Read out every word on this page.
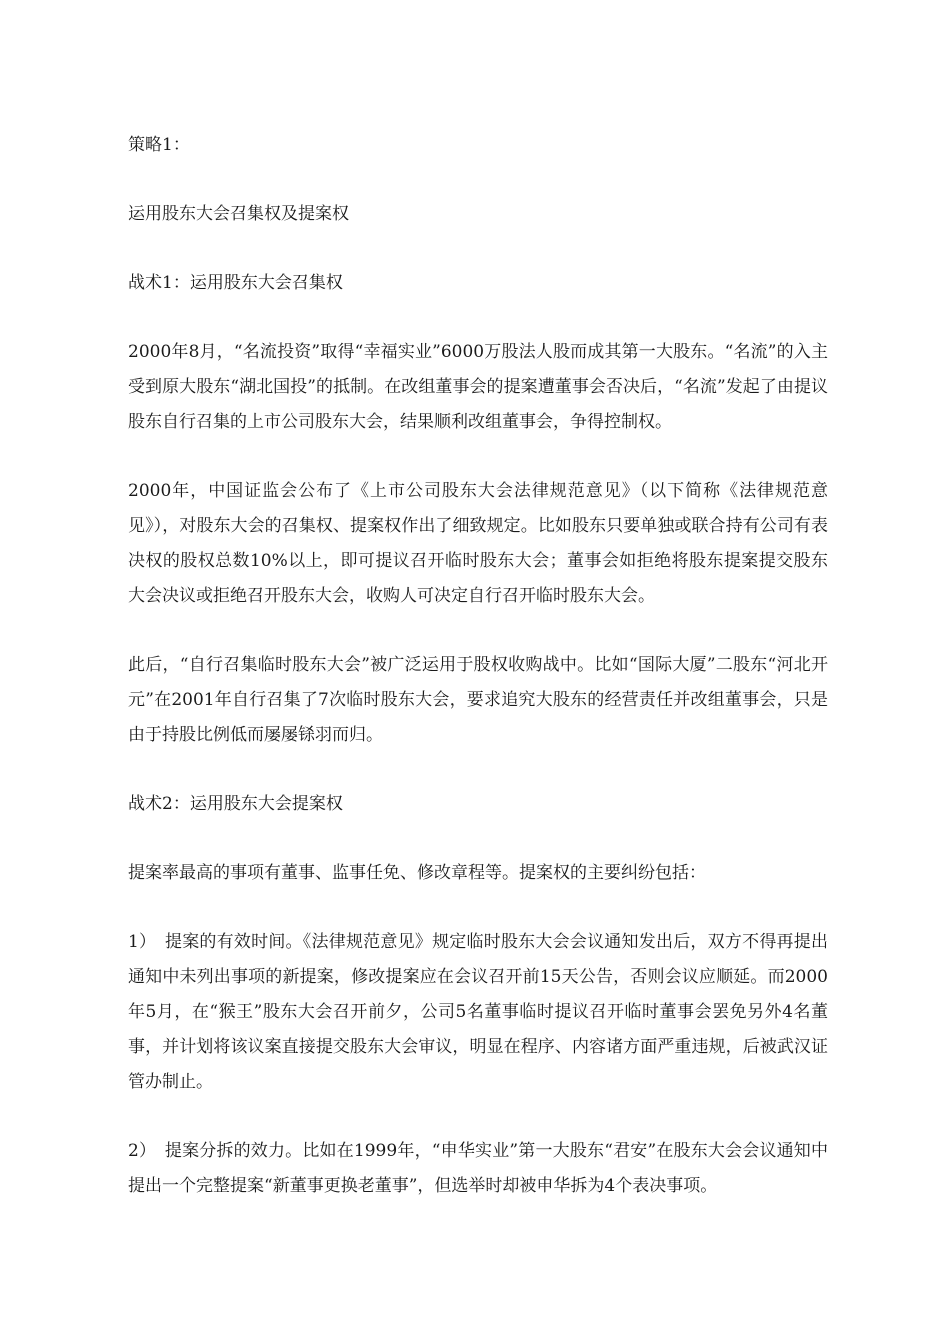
策略1：

运用股东大会召集权及提案权

战术1：运用股东大会召集权

2000年8月，“名流投资”取得“幸福实业”6000万股法人股而成其第一大股东。“名流”的入主受到原大股东“湖北国投”的抵制。在改组董事会的提案遭董事会否决后，“名流”发起了由提议股东自行召集的上市公司股东大会，结果顺利改组董事会，争得控制权。

2000年，中国证监会公布了《上市公司股东大会法律规范意见》（以下简称《法律规范意见》），对股东大会的召集权、提案权作出了细致规定。比如股东只要单独或联合持有公司有表决权的股权总数10%以上，即可提议召开临时股东大会；董事会如拒绝将股东提案提交股东大会决议或拒绝召开股东大会，收购人可决定自行召开临时股东大会。

此后，“自行召集临时股东大会”被广泛运用于股权收购战中。比如“国际大厦”二股东“河北开元”在2001年自行召集了7次临时股东大会，要求追究大股东的经营责任并改组董事会，只是由于持股比例低而屡屡铩羽而归。

战术2：运用股东大会提案权

提案率最高的事项有董事、监事任免、修改章程等。提案权的主要纠纷包括：

1）　提案的有效时间。《法律规范意见》规定临时股东大会会议通知发出后，双方不得再提出通知中未列出事项的新提案，修改提案应在会议召开前15天公告，否则会议应顺延。而2000年5月，在“猴王”股东大会召开前夕，公司5名董事临时提议召开临时董事会罢免另外4名董事，并计划将该议案直接提交股东大会审议，明显在程序、内容诸方面严重违规，后被武汉证管办制止。

2）　提案分拆的效力。比如在1999年，“申华实业”第一大股东“君安”在股东大会会议通知中提出一个完整提案“新董事更换老董事”，但选举时却被申华拆为4个表决事项。
